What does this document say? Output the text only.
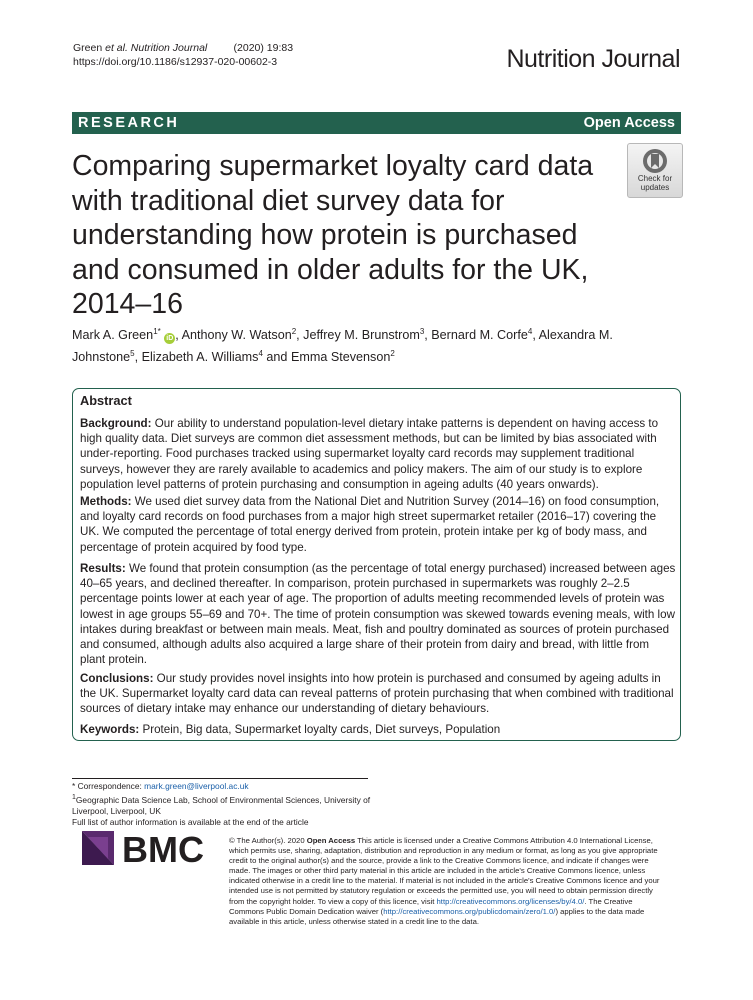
Green et al. Nutrition Journal	(2020) 19:83
https://doi.org/10.1186/s12937-020-00602-3	Nutrition Journal
RESEARCH	Open Access
Comparing supermarket loyalty card data with traditional diet survey data for understanding how protein is purchased and consumed in older adults for the UK, 2014–16
Check for
updates
Mark A. Green$^{1*}$ iD , Anthony W. Watson$^2$, Jeffrey M. Brunstrom$^3$, Bernard M. Corfe$^4$, Alexandra M. Johnstone$^5$, Elizabeth A. Williams$^4$ and Emma Stevenson$^2$
Abstract
Background: Our ability to understand population-level dietary intake patterns is dependent on having access to high quality data. Diet surveys are common diet assessment methods, but can be limited by bias associated with under-reporting. Food purchases tracked using supermarket loyalty card records may supplement traditional surveys, however they are rarely available to academics and policy makers. The aim of our study is to explore population level patterns of protein purchasing and consumption in ageing adults (40 years onwards).
Methods: We used diet survey data from the National Diet and Nutrition Survey (2014–16) on food consumption, and loyalty card records on food purchases from a major high street supermarket retailer (2016–17) covering the UK. We computed the percentage of total energy derived from protein, protein intake per kg of body mass, and percentage of protein acquired by food type.
Results: We found that protein consumption (as the percentage of total energy purchased) increased between ages 40–65 years, and declined thereafter. In comparison, protein purchased in supermarkets was roughly 2–2.5 percentage points lower at each year of age. The proportion of adults meeting recommended levels of protein was lowest in age groups 55–69 and 70+. The time of protein consumption was skewed towards evening meals, with low intakes during breakfast or between main meals. Meat, fish and poultry dominated as sources of protein purchased and consumed, although adults also acquired a large share of their protein from dairy and bread, with little from plant protein.
Conclusions: Our study provides novel insights into how protein is purchased and consumed by ageing adults in the UK. Supermarket loyalty card data can reveal patterns of protein purchasing that when combined with traditional sources of dietary intake may enhance our understanding of dietary behaviours.
Keywords: Protein, Big data, Supermarket loyalty cards, Diet surveys, Population
* Correspondence: mark.green@liverpool.ac.uk
$^1$Geographic Data Science Lab, School of Environmental Sciences, University of Liverpool, Liverpool, UK
Full list of author information is available at the end of the article
BMC	© The Author(s). 2020 Open Access This article is licensed under a Creative Commons Attribution 4.0 International License, which permits use, sharing, adaptation, distribution and reproduction in any medium or format, as long as you give appropriate credit to the original author(s) and the source, provide a link to the Creative Commons licence, and indicate if changes were made. The images or other third party material in this article are included in the article's Creative Commons licence, unless indicated otherwise in a credit line to the material. If material is not included in the article's Creative Commons licence and your intended use is not permitted by statutory regulation or exceeds the permitted use, you will need to obtain permission directly from the copyright holder. To view a copy of this licence, visit http://creativecommons.org/licenses/by/4.0/. The Creative Commons Public Domain Dedication waiver (http://creativecommons.org/publicdomain/zero/1.0/) applies to the data made available in this article, unless otherwise stated in a credit line to the data.
